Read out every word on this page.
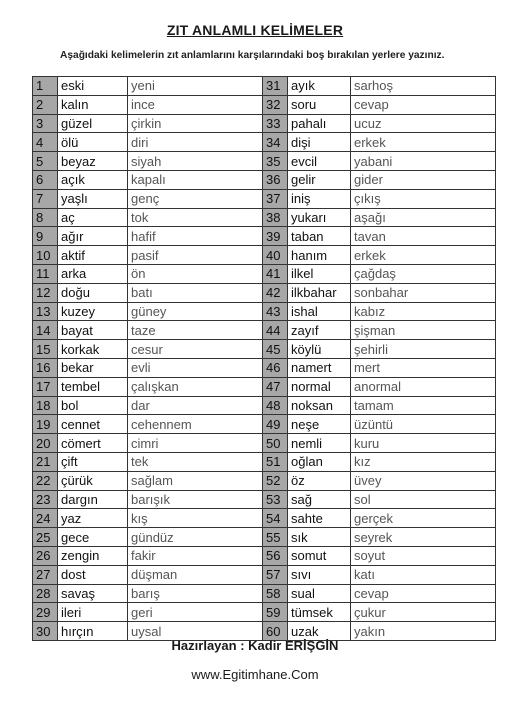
ZIT ANLAMLI KELİMELER
Aşağıdaki kelimelerin zıt anlamlarını karşılarındaki boş bırakılan yerlere yazınız.
1	eski	yeni
2	kalın	ince
3	güzel	çirkin
4	ölü	diri
5	beyaz	siyah
6	açık	kapalı
7	yaşlı	genç
8	aç	tok
9	ağır	hafif
10	aktif	pasif
11	arka	ön
12	doğu	batı
13	kuzey	güney
14	bayat	taze
15	korkak	cesur
16	bekar	evli
17	tembel	çalışkan
18	bol	dar
19	cennet	cehennem
20	cömert	cimri
21	çift	tek
22	çürük	sağlam
23	dargın	barışık
24	yaz	kış
25	gece	gündüz
26	zengin	fakir
27	dost	düşman
28	savaş	barış
29	ileri	geri
30	hırçın	uysal
31	ayık	sarhoş
32	soru	cevap
33	pahalı	ucuz
34	dişi	erkek
35	evcil	yabani
36	gelir	gider
37	iniş	çıkış
38	yukarı	aşağı
39	taban	tavan
40	hanım	erkek
41	ilkel	çağdaş
42	ilkbahar	sonbahar
43	ishal	kabız
44	zayıf	şişman
45	köylü	şehirli
46	namert	mert
47	normal	anormal
48	noksan	tamam
49	neşe	üzüntü
50	nemli	kuru
51	oğlan	kız
52	öz	üvey
53	sağ	sol
54	sahte	gerçek
55	sık	seyrek
56	somut	soyut
57	sıvı	katı
58	sual	cevap
59	tümsek	çukur
60	uzak	yakın
Hazırlayan : Kadir ERİŞGİN
www.Egitimhane.Com
